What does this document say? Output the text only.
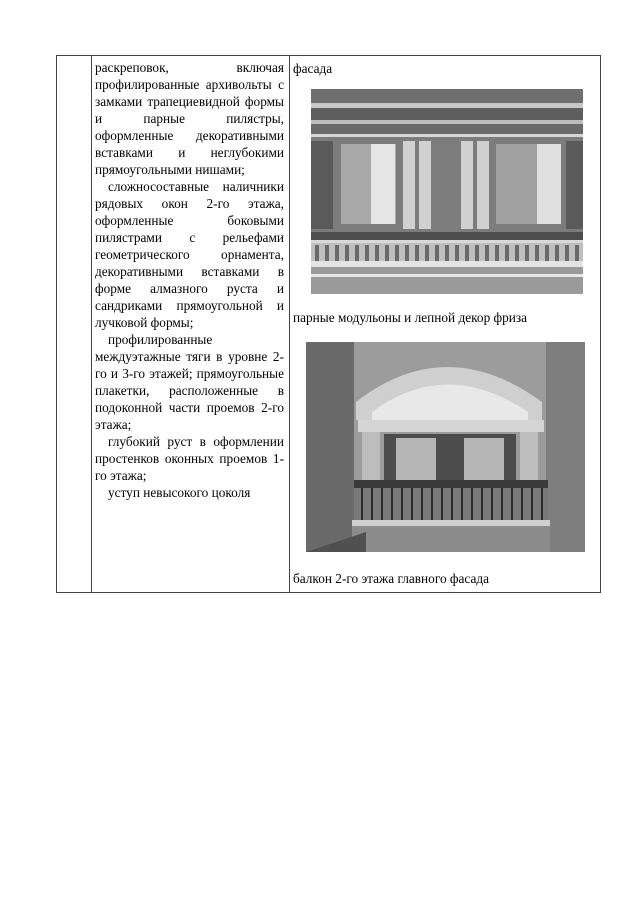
раскреповок, включая профилированные архивольты с замками трапециевидной формы и парные пилястры, оформленные декоративными вставками и неглубокими прямоугольными нишами;

сложносоставные наличники рядовых окон 2-го этажа, оформленные боковыми пилястрами с рельефами геометрического орнамента, декоративными вставками в форме алмазного руста и сандриками прямоугольной и лучковой формы;

профилированные междуэтажные тяги в уровне 2-го и 3-го этажей; прямоугольные плакетки, расположенные в подоконной части проемов 2-го этажа;

глубокий руст в оформлении простенков оконных проемов 1-го этажа;

уступ невысокого цоколя

фасада
парные модульоны и лепной декор фриза
балкон 2-го этажа главного фасада
